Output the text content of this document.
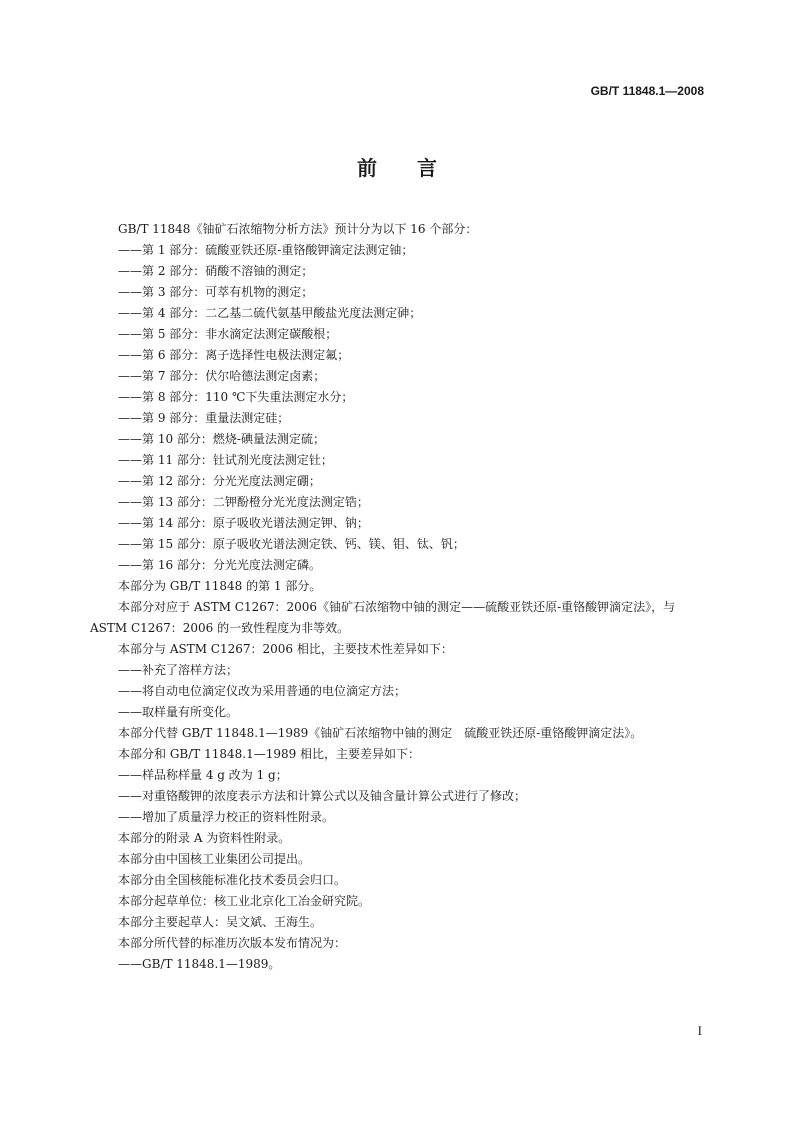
GB/T 11848.1—2008
前言

GB/T 11848《铀矿石浓缩物分析方法》预计分为以下 16 个部分：

——第 1 部分：硫酸亚铁还原-重铬酸钾滴定法测定铀；

——第 2 部分：硝酸不溶铀的测定；

——第 3 部分：可萃有机物的测定；

——第 4 部分：二乙基二硫代氨基甲酸盐光度法测定砷；

——第 5 部分：非水滴定法测定碳酸根；

——第 6 部分：离子选择性电极法测定氟；

——第 7 部分：伏尔哈德法测定卤素；

——第 8 部分：110 ℃下失重法测定水分；

——第 9 部分：重量法测定硅；

——第 10 部分：燃烧-碘量法测定硫；

——第 11 部分：钍试剂光度法测定钍；

——第 12 部分：分光光度法测定硼；

——第 13 部分：二钾酚橙分光光度法测定锆；

——第 14 部分：原子吸收光谱法测定钾、钠；

——第 15 部分：原子吸收光谱法测定铁、钙、镁、钼、钛、钒；

——第 16 部分：分光光度法测定磷。

本部分为 GB/T 11848 的第 1 部分。

本部分对应于 ASTM C1267：2006《铀矿石浓缩物中铀的测定——硫酸亚铁还原-重铬酸钾滴定法》，与 ASTM C1267：2006 的一致性程度为非等效。

本部分与 ASTM C1267：2006 相比，主要技术性差异如下：

——补充了溶样方法；

——将自动电位滴定仪改为采用普通的电位滴定方法；

——取样量有所变化。

本部分代替 GB/T 11848.1—1989《铀矿石浓缩物中铀的测定　硫酸亚铁还原-重铬酸钾滴定法》。

本部分和 GB/T 11848.1—1989 相比，主要差异如下：

——样品称样量 4 g 改为 1 g；

——对重铬酸钾的浓度表示方法和计算公式以及铀含量计算公式进行了修改；

——增加了质量浮力校正的资料性附录。

本部分的附录 A 为资料性附录。

本部分由中国核工业集团公司提出。

本部分由全国核能标准化技术委员会归口。

本部分起草单位：核工业北京化工冶金研究院。

本部分主要起草人：吴文斌、王海生。

本部分所代替的标准历次版本发布情况为：

——GB/T 11848.1—1989。

I
